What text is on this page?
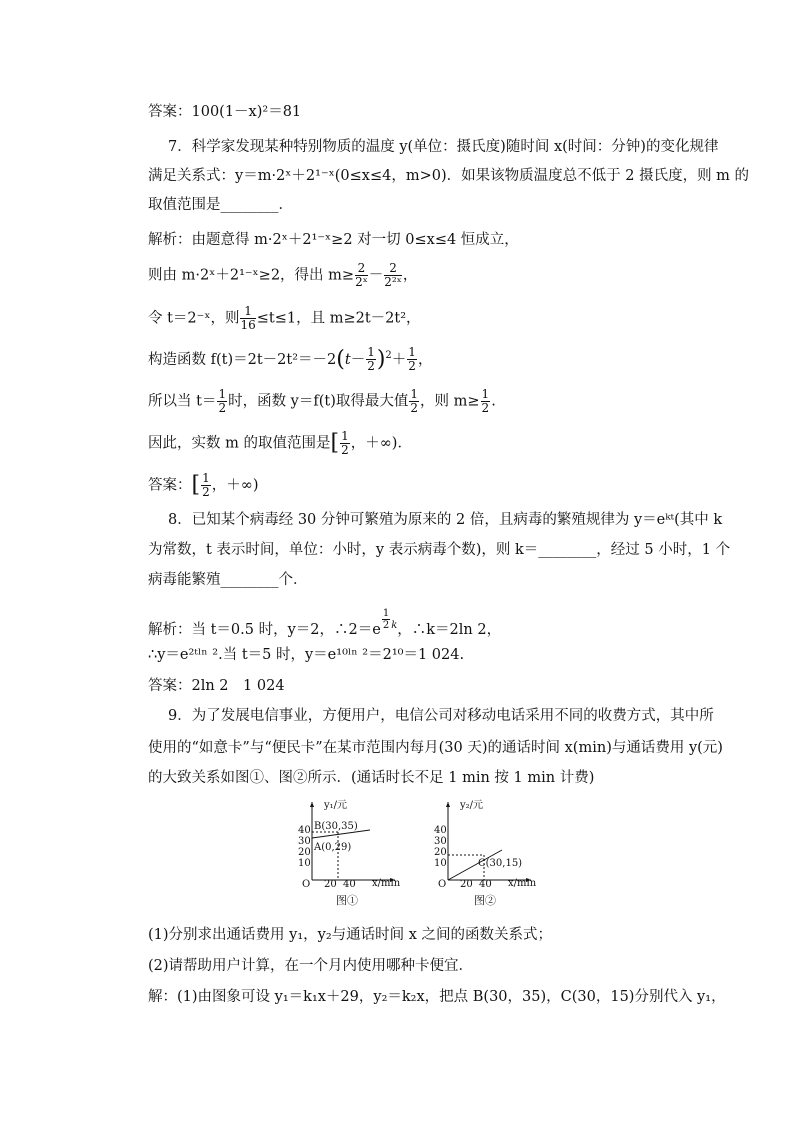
答案：100(1－x)²＝81
7．科学家发现某种特别物质的温度 y(单位：摄氏度)随时间 x(时间：分钟)的变化规律
满足关系式：y＝m·2ˣ＋2¹⁻ˣ(0≤x≤4，m>0)．如果该物质温度总不低于 2 摄氏度，则 m 的
取值范围是________．
解析：由题意得 m·2ˣ＋2¹⁻ˣ≥2 对一切 0≤x≤4 恒成立，
则由 m·2ˣ＋2¹⁻ˣ≥2，得出 $m\ge \frac{2}{\text{2ˣ}} - \frac{2}{\text{2²ˣ}}$ ，
令 t＝2⁻ˣ，则 $\frac{1}{16} \le t\le 1$，且 m≥2t－2t²，
构造函数 $f(t)=2t-2t^2=-2(t- \frac{1}{2} )^2+ \frac{1}{2}$ ，
所以当 $t= \frac{1}{2}$ 时，函数 y＝f(t)取得最大值 $\frac{1}{2}$ ，则 $m\ge \frac{1}{2}$ .
因此，实数 m 的取值范围是[ $\frac{1}{2}$ ，＋∞)．
答案：[ $\frac{1}{2}$ ，＋∞)
8．已知某个病毒经 30 分钟可繁殖为原来的 2 倍，且病毒的繁殖规律为 y＝eᵏᵗ(其中 k
为常数，t 表示时间，单位：小时，y 表示病毒个数)，则 k＝________，经过 5 小时，1 个
病毒能繁殖________个．
解析：当 t＝0.5 时，y＝2，∴2＝e $\frac{1}{2} ^k$，∴k＝2ln 2，
∴y＝e²ᵗˡⁿ ².当 t＝5 时，y＝e¹⁰ˡⁿ ²＝2¹⁰＝1 024.
答案：2ln 2　1 024
9．为了发展电信事业，方便用户，电信公司对移动电话采用不同的收费方式，其中所
使用的“如意卡”与“便民卡”在某市范围内每月(30 天)的通话时间 x(min)与通话费用 y(元)
的大致关系如图①、图②所示．(通话时长不足 1 min 按 1 min 计费)
y₁/元
x/min
O
40
30
20
10
20 40
B(30,35)
A(0,29)
图①
y₂/元
x/min
O
40
30
20
10
20 40
C(30,15)
图②
(1)分别求出通话费用 y₁，y₂与通话时间 x 之间的函数关系式；
(2)请帮助用户计算，在一个月内使用哪种卡便宜．
解：(1)由图象可设 y₁＝k₁x＋29，y₂＝k₂x，把点 B(30，35)，C(30，15)分别代入 y₁，
